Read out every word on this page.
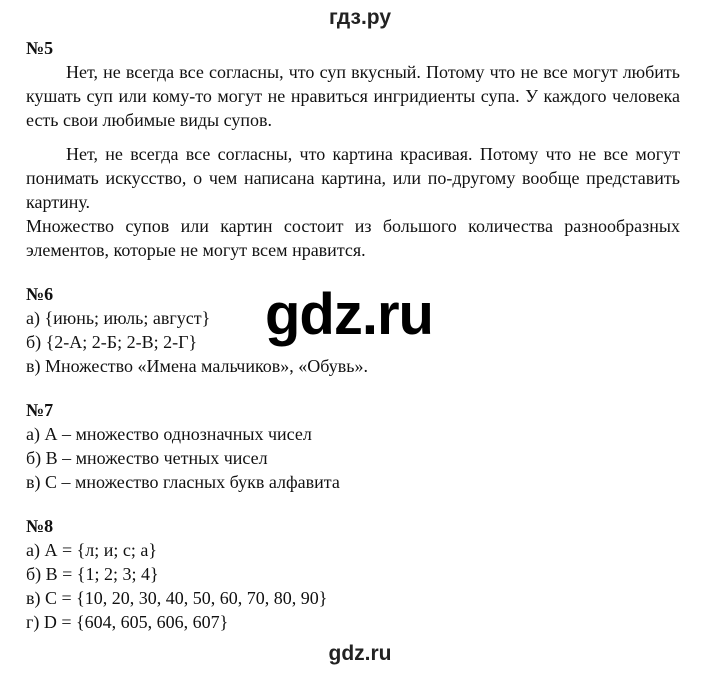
гдз.ру

№5

Нет, не всегда все согласны, что суп вкусный. Потому что не все могут любить кушать суп или кому-то могут не нравиться ингридиенты супа. У каждого человека есть свои любимые виды супов.

Нет, не всегда все согласны, что картина красивая. Потому что не все могут понимать искусство, о чем написана картина, или по-другому вообще представить картину.

Множество супов или картин состоит из большого количества разнообразных элементов, которые не могут всем нравится.

№6

а) {июнь; июль; август}

б) {2-А; 2-Б; 2-В; 2-Г}

в) Множество «Имена мальчиков», «Обувь».

№7

а) А – множество однозначных чисел

б) В – множество четных чисел

в) С – множество гласных букв алфавита

№8

а) А = {л; и; с; а}

б) В = {1; 2; 3; 4}

в) С = {10, 20, 30, 40, 50, 60, 70, 80, 90}

г) D = {604, 605, 606, 607}

gdz.ru
gdz.ru
